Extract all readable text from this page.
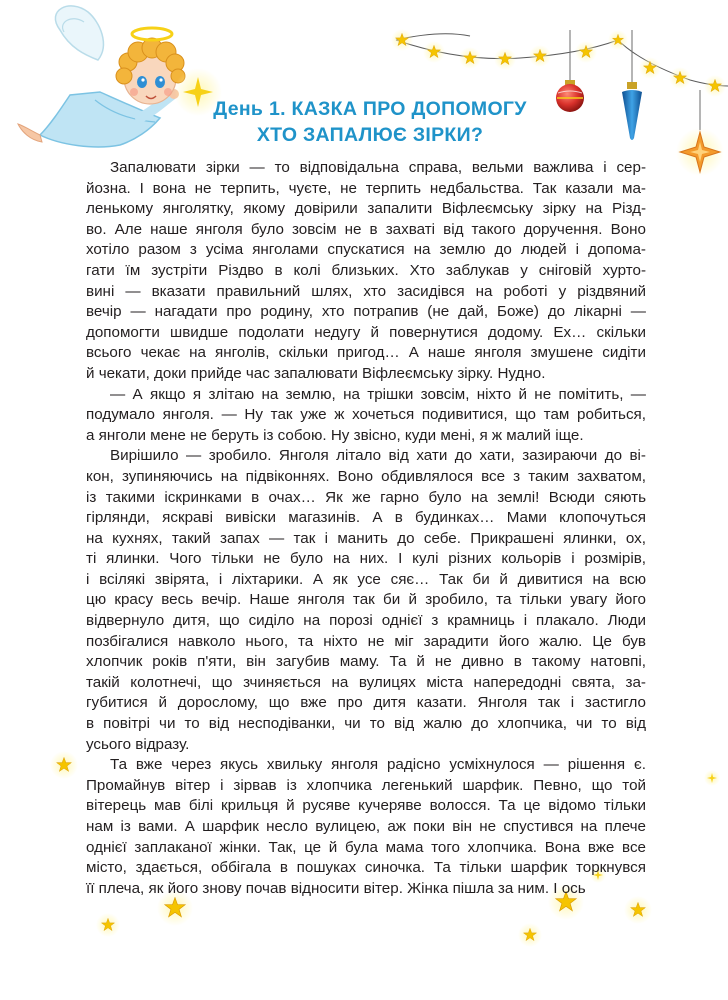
День 1. КАЗКА ПРО ДОПОМОГУ
ХТО ЗАПАЛЮЄ ЗІРКИ?
Запалювати зірки — то відповідальна справа, вельми важлива і сер-
йозна. І вона не терпить, чуєте, не терпить недбальства. Так казали ма-
ленькому янголятку, якому довірили запалити Віфлеємську зірку на Різд-
во. Але наше янголя було зовсім не в захваті від такого доручення. Воно
хотіло разом з усіма янголами спускатися на землю до людей і допома-
гати їм зустріти Різдво в колі близьких. Хто заблукав у сніговій хурто-
вині — вказати правильний шлях, хто засидівся на роботі у різдвяний
вечір — нагадати про родину, хто потрапив (не дай, Боже) до лікарні —
допомогти швидше подолати недугу й повернутися додому. Ех… скільки
всього чекає на янголів, скільки пригод… А наше янголя змушене сидіти
й чекати, доки прийде час запалювати Віфлеємську зірку. Нудно.
— А якщо я злітаю на землю, на трішки зовсім, ніхто й не помітить, —
подумало янголя. — Ну так уже ж хочеться подивитися, що там робиться,
а янголи мене не беруть із собою. Ну звісно, куди мені, я ж малий іще.
Вирішило — зробило. Янголя літало від хати до хати, зазираючи до ві-
кон, зупиняючись на підвіконнях. Воно обдивлялося все з таким захватом,
із такими іскринками в очах… Як же гарно було на землі! Всюди сяють
гірлянди, яскраві вивіски магазинів. А в будинках… Мами клопочуться
на кухнях, такий запах — так і манить до себе. Прикрашені ялинки, ох,
ті ялинки. Чого тільки не було на них. І кулі різних кольорів і розмірів,
і всілякі звірята, і ліхтарики. А як усе сяє… Так би й дивитися на всю
цю красу весь вечір. Наше янголя так би й зробило, та тільки увагу його
відвернуло дитя, що сиділо на порозі однієї з крамниць і плакало. Люди
позбігалися навколо нього, та ніхто не міг зарадити його жалю. Це був
хлопчик років п'яти, він загубив маму. Та й не дивно в такому натовпі,
такій колотнечі, що зчиняється на вулицях міста напередодні свята, за-
губитися й дорослому, що вже про дитя казати. Янголя так і застигло
в повітрі чи то від несподіванки, чи то від жалю до хлопчика, чи то від
усього відразу.
Та вже через якусь хвильку янголя радісно усміхнулося — рішення є.
Промайнув вітер і зірвав із хлопчика легенький шарфик. Певно, що той
вітерець мав білі крильця й русяве кучеряве волосся. Та це відомо тільки
нам із вами. А шарфик несло вулицею, аж поки він не спустився на плече
однієї заплаканої жінки. Так, це й була мама того хлопчика. Вона вже все
місто, здається, оббігала в пошуках синочка. Та тільки шарфик торкнувся
її плеча, як його знову почав відносити вітер. Жінка пішла за ним. І ось
